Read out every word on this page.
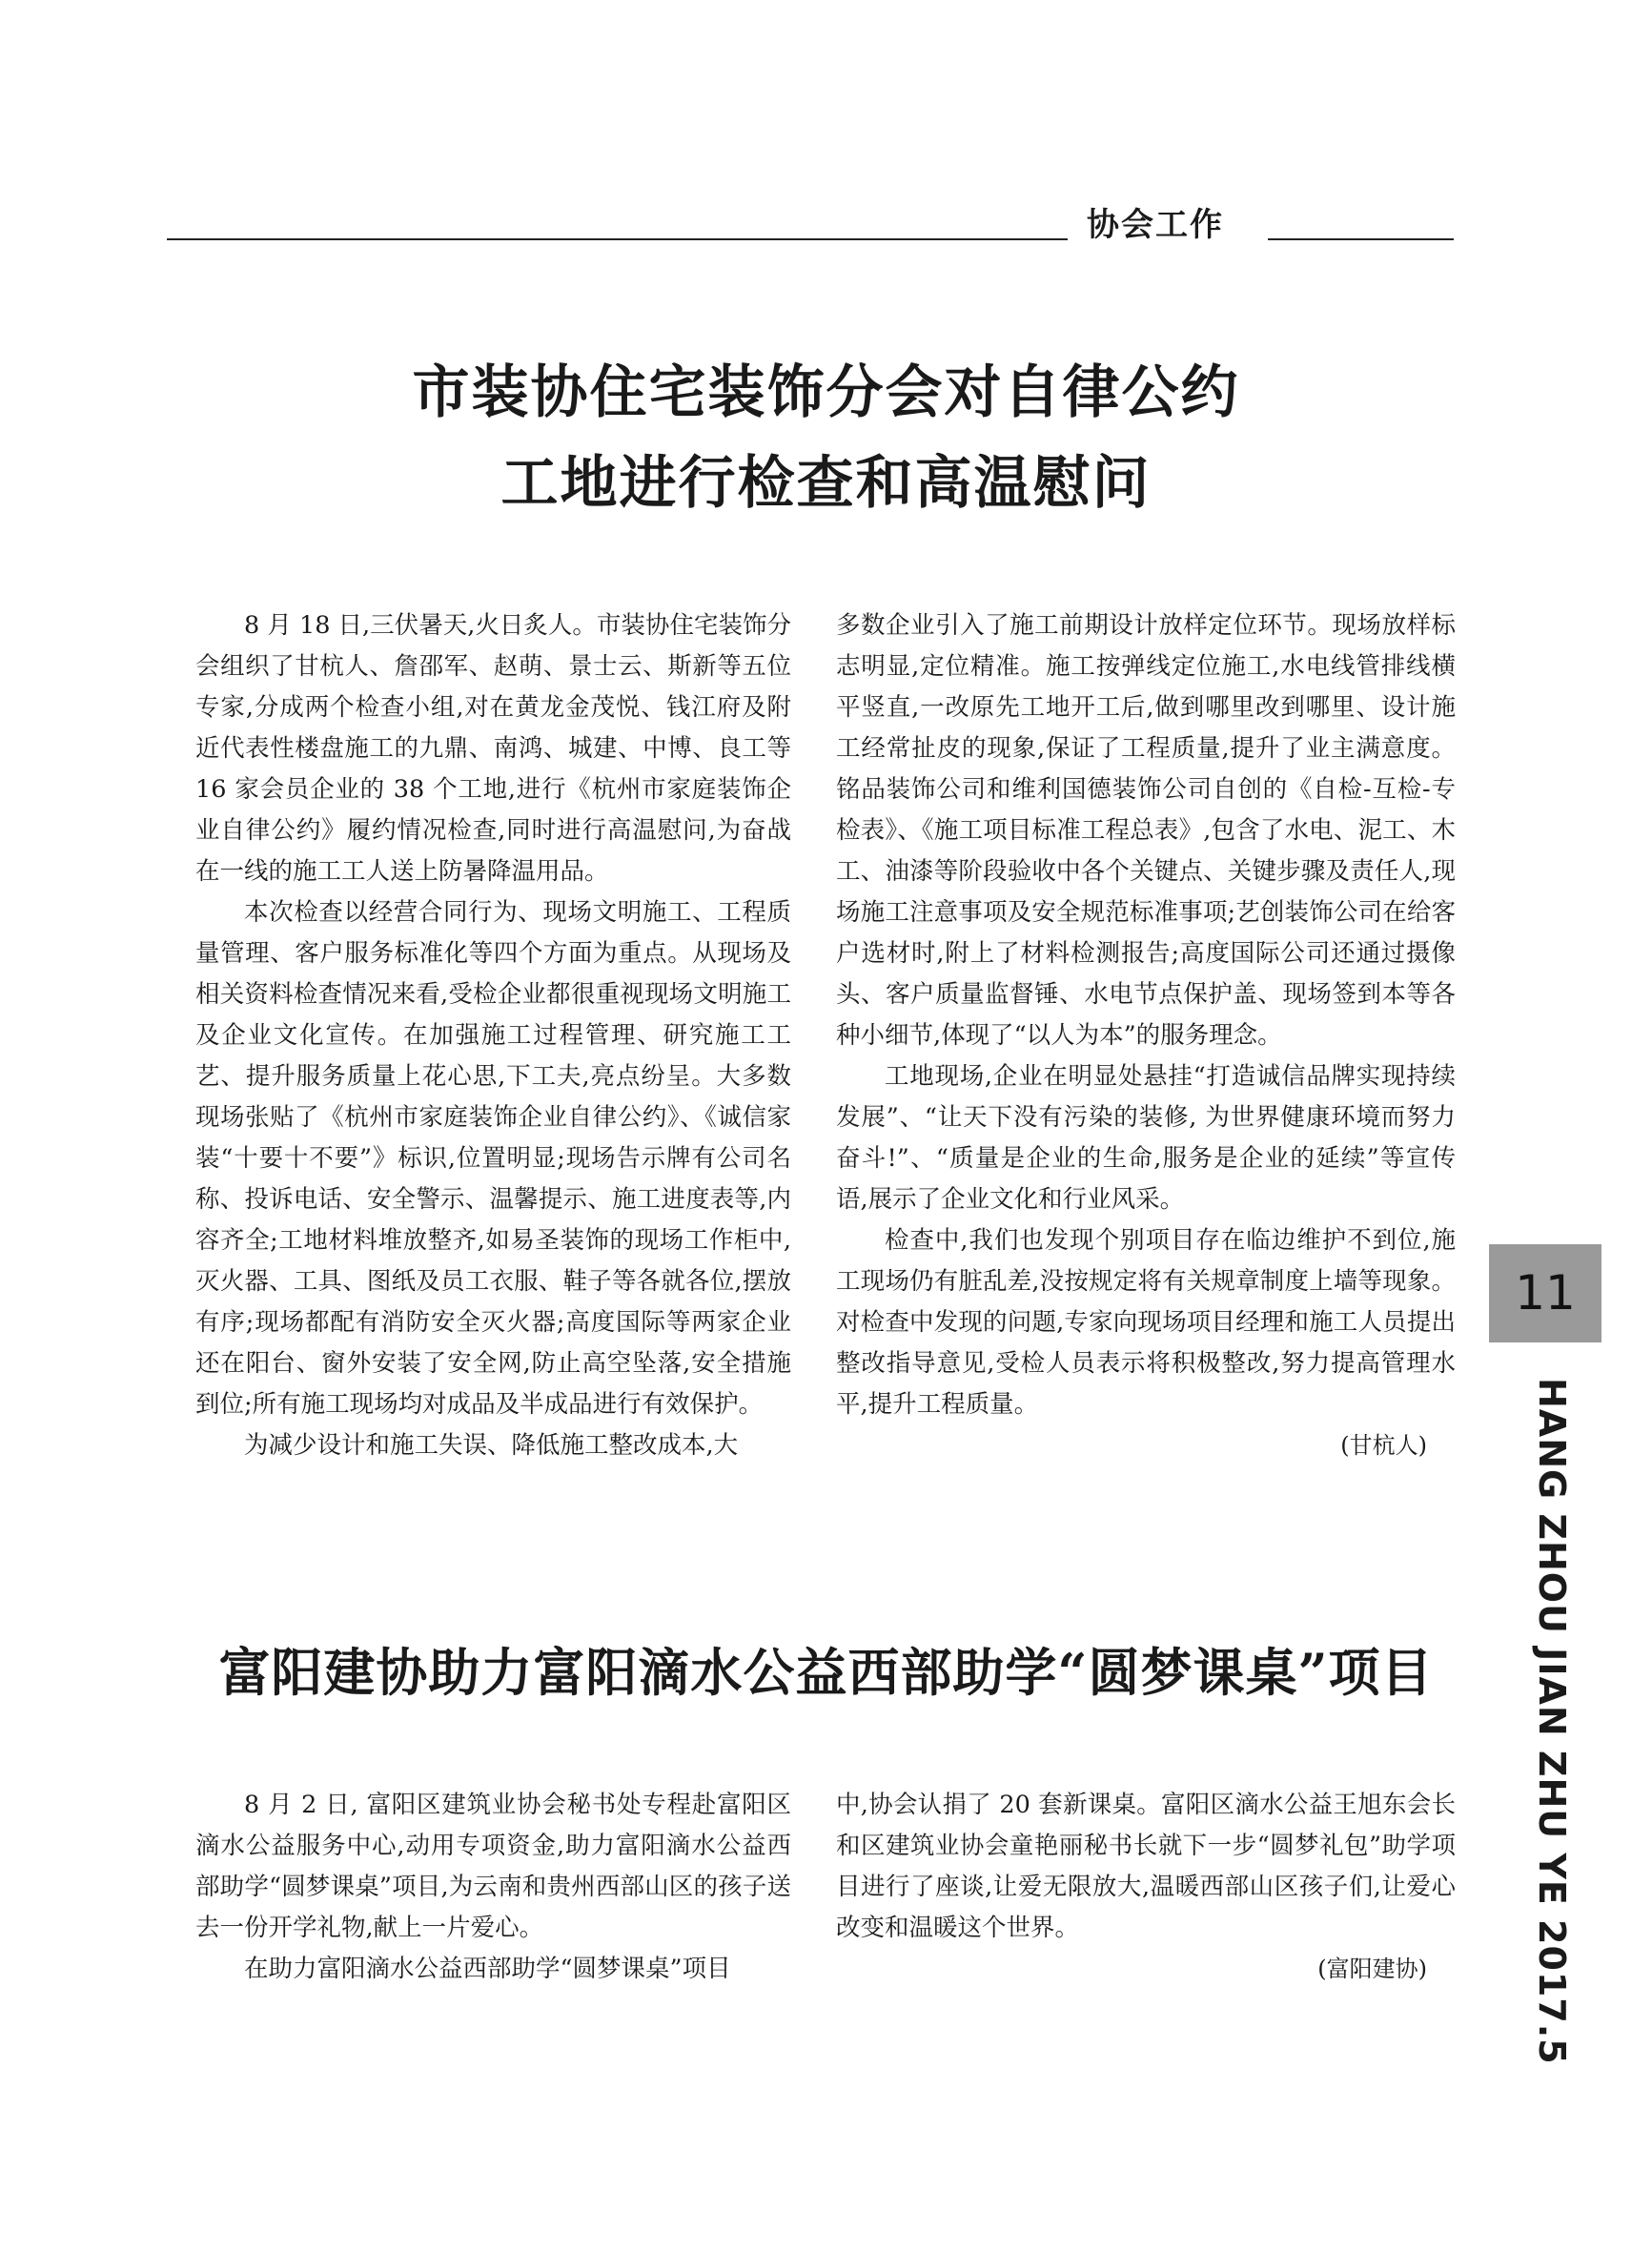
协会工作
市装协住宅装饰分会对自律公约
工地进行检查和高温慰问

8 月 18 日,三伏暑天,火日炙人。市装协住宅装饰分会组织了甘杭人、詹邵军、赵萌、景士云、斯新等五位专家,分成两个检查小组,对在黄龙金茂悦、钱江府及附近代表性楼盘施工的九鼎、南鸿、城建、中博、良工等 16 家会员企业的 38 个工地,进行《杭州市家庭装饰企业自律公约》履约情况检查,同时进行高温慰问,为奋战在一线的施工工人送上防暑降温用品。

本次检查以经营合同行为、现场文明施工、工程质量管理、客户服务标准化等四个方面为重点。从现场及相关资料检查情况来看,受检企业都很重视现场文明施工及企业文化宣传。在加强施工过程管理、研究施工工艺、提升服务质量上花心思,下工夫,亮点纷呈。大多数现场张贴了《杭州市家庭装饰企业自律公约》、《诚信家装“十要十不要”》标识,位置明显;现场告示牌有公司名称、投诉电话、安全警示、温馨提示、施工进度表等,内容齐全;工地材料堆放整齐,如易圣装饰的现场工作柜中,灭火器、工具、图纸及员工衣服、鞋子等各就各位,摆放有序;现场都配有消防安全灭火器;高度国际等两家企业还在阳台、窗外安装了安全网,防止高空坠落,安全措施到位;所有施工现场均对成品及半成品进行有效保护。

为减少设计和施工失误、降低施工整改成本,大

多数企业引入了施工前期设计放样定位环节。现场放样标志明显,定位精准。施工按弹线定位施工,水电线管排线横平竖直,一改原先工地开工后,做到哪里改到哪里、设计施工经常扯皮的现象,保证了工程质量,提升了业主满意度。铭品装饰公司和维利国德装饰公司自创的《自检-互检-专检表》、《施工项目标准工程总表》,包含了水电、泥工、木工、油漆等阶段验收中各个关键点、关键步骤及责任人,现场施工注意事项及安全规范标准事项;艺创装饰公司在给客户选材时,附上了材料检测报告;高度国际公司还通过摄像头、客户质量监督锤、水电节点保护盖、现场签到本等各种小细节,体现了“以人为本”的服务理念。

工地现场,企业在明显处悬挂“打造诚信品牌实现持续发展”、“让天下没有污染的装修, 为世界健康环境而努力奋斗!”、“质量是企业的生命,服务是企业的延续”等宣传语,展示了企业文化和行业风采。

检查中,我们也发现个别项目存在临边维护不到位,施工现场仍有脏乱差,没按规定将有关规章制度上墙等现象。对检查中发现的问题,专家向现场项目经理和施工人员提出整改指导意见,受检人员表示将积极整改,努力提高管理水平,提升工程质量。

(甘杭人)

富阳建协助力富阳滴水公益西部助学“圆梦课桌”项目

8 月 2 日, 富阳区建筑业协会秘书处专程赴富阳区滴水公益服务中心,动用专项资金,助力富阳滴水公益西部助学“圆梦课桌”项目,为云南和贵州西部山区的孩子送去一份开学礼物,献上一片爱心。

在助力富阳滴水公益西部助学“圆梦课桌”项目

中,协会认捐了 20 套新课桌。富阳区滴水公益王旭东会长和区建筑业协会童艳丽秘书长就下一步“圆梦礼包”助学项目进行了座谈,让爱无限放大,温暖西部山区孩子们,让爱心改变和温暖这个世界。

(富阳建协)

11
HANG ZHOU JIAN ZHU YE 2017.5
